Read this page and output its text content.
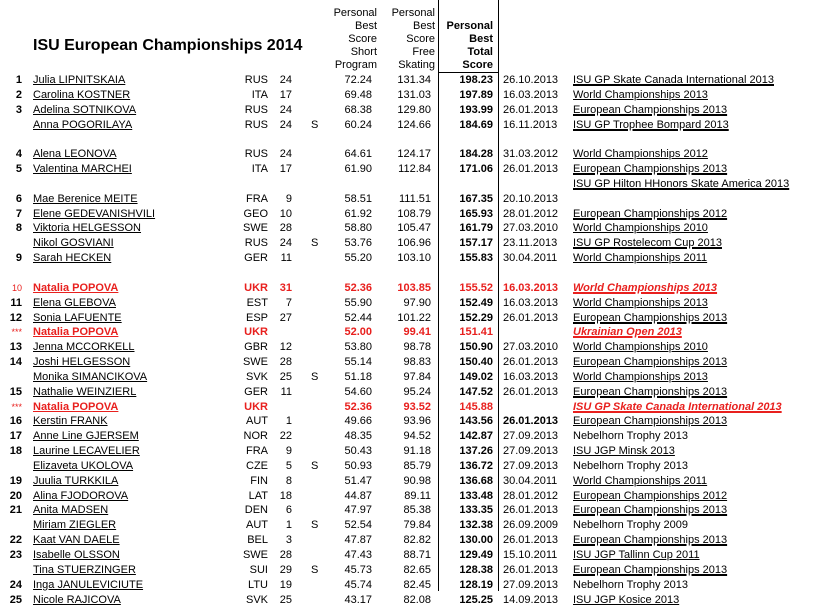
ISU European Championships 2014
Personal Best Score Short Program
Personal Best Score Free Skating
Personal Best Total Score
1 Julia LIPNITSKAIA	RUS	24	72.24	131.34	198.23 26.10.2013 ISU GP Skate Canada International 2013
2 Carolina KOSTNER	ITA	17	69.48	131.03	197.89 16.03.2013 World Championships 2013
3 Adelina SOTNIKOVA	RUS	24	68.38	129.80	193.99 26.01.2013 European Championships 2013
Anna POGORILAYA	RUS	24 S	60.24	124.66	184.69 16.11.2013 ISU GP Trophee Bompard 2013
4 Alena LEONOVA	RUS	24	64.61	124.17	184.28 31.03.2012 World Championships 2012
5 Valentina MARCHEI	ITA	17	61.90	112.84	171.06 26.01.2013 European Championships 2013
6 Mae Berenice MEITE	FRA	9	58.51	111.51	167.35 20.10.2013
ISU GP Hilton HHonors Skate America 2013
7 Elene GEDEVANISHVILI	GEO	10	61.92	108.79	165.93 28.01.2012 European Championships 2012
8 Viktoria HELGESSON	SWE	28	58.80	105.47	161.79 27.03.2010 World Championships 2010
Nikol GOSVIANI	RUS	24 S	53.76	106.96	157.17 23.11.2013 ISU GP Rostelecom Cup 2013
9 Sarah HECKEN	GER	11	55.20	103.10	155.83 30.04.2011 World Championships 2011
10 Natalia POPOVA	UKR	31	52.36	103.85	155.52 16.03.2013 World Championships 2013
11 Elena GLEBOVA	EST	7	55.90	97.90	152.49 16.03.2013 World Championships 2013
12 Sonia LAFUENTE	ESP	27	52.44	101.22	152.29 26.01.2013 European Championships 2013
*** Natalia POPOVA	UKR	52.00	99.41	151.41	Ukrainian Open 2013
13 Jenna MCCORKELL	GBR	12	53.80	98.78	150.90 27.03.2010 World Championships 2010
14 Joshi HELGESSON	SWE	28	55.14	98.83	150.40 26.01.2013 European Championships 2013
Monika SIMANCIKOVA	SVK	25 S	51.18	97.84	149.02 16.03.2013 World Championships 2013
15 Nathalie WEINZIERL	GER	11	54.60	95.24	147.52 26.01.2013 European Championships 2013
*** Natalia POPOVA	UKR	52.36	93.52	145.88	ISU GP Skate Canada International 2013
16 Kerstin FRANK	AUT	1	49.66	93.96	143.56 26.01.2013 European Championships 2013
17 Anne Line GJERSEM	NOR	22	48.35	94.52	142.87 27.09.2013 Nebelhorn Trophy 2013
18 Laurine LECAVELIER	FRA	9	50.43	91.18	137.26 27.09.2013 ISU JGP Minsk 2013
Elizaveta UKOLOVA	CZE	5 S	50.93	85.79	136.72 27.09.2013 Nebelhorn Trophy 2013
19 Juulia TURKKILA	FIN	8	51.47	90.98	136.68 30.04.2011 World Championships 2011
20 Alina FJODOROVA	LAT	18	44.87	89.11	133.48 28.01.2012 European Championships 2012
21 Anita MADSEN	DEN	6	47.97	85.38	133.35 26.01.2013 European Championships 2013
Miriam ZIEGLER	AUT	1 S	52.54	79.84	132.38 26.09.2009 Nebelhorn Trophy 2009
22 Kaat VAN DAELE	BEL	3	47.87	82.82	130.00 26.01.2013 European Championships 2013
23 Isabelle OLSSON	SWE	28	47.43	88.71	129.49 15.10.2011 ISU JGP Tallinn Cup 2011
Tina STUERZINGER	SUI	29 S	45.73	82.65	128.38 26.01.2013 European Championships 2013
24 Inga JANULEVICIUTE	LTU	19	45.74	82.45	128.19 27.09.2013 Nebelhorn Trophy 2013
25 Nicole RAJICOVA	SVK	25	43.17	82.08	125.25 14.09.2013 ISU JGP Kosice 2013
